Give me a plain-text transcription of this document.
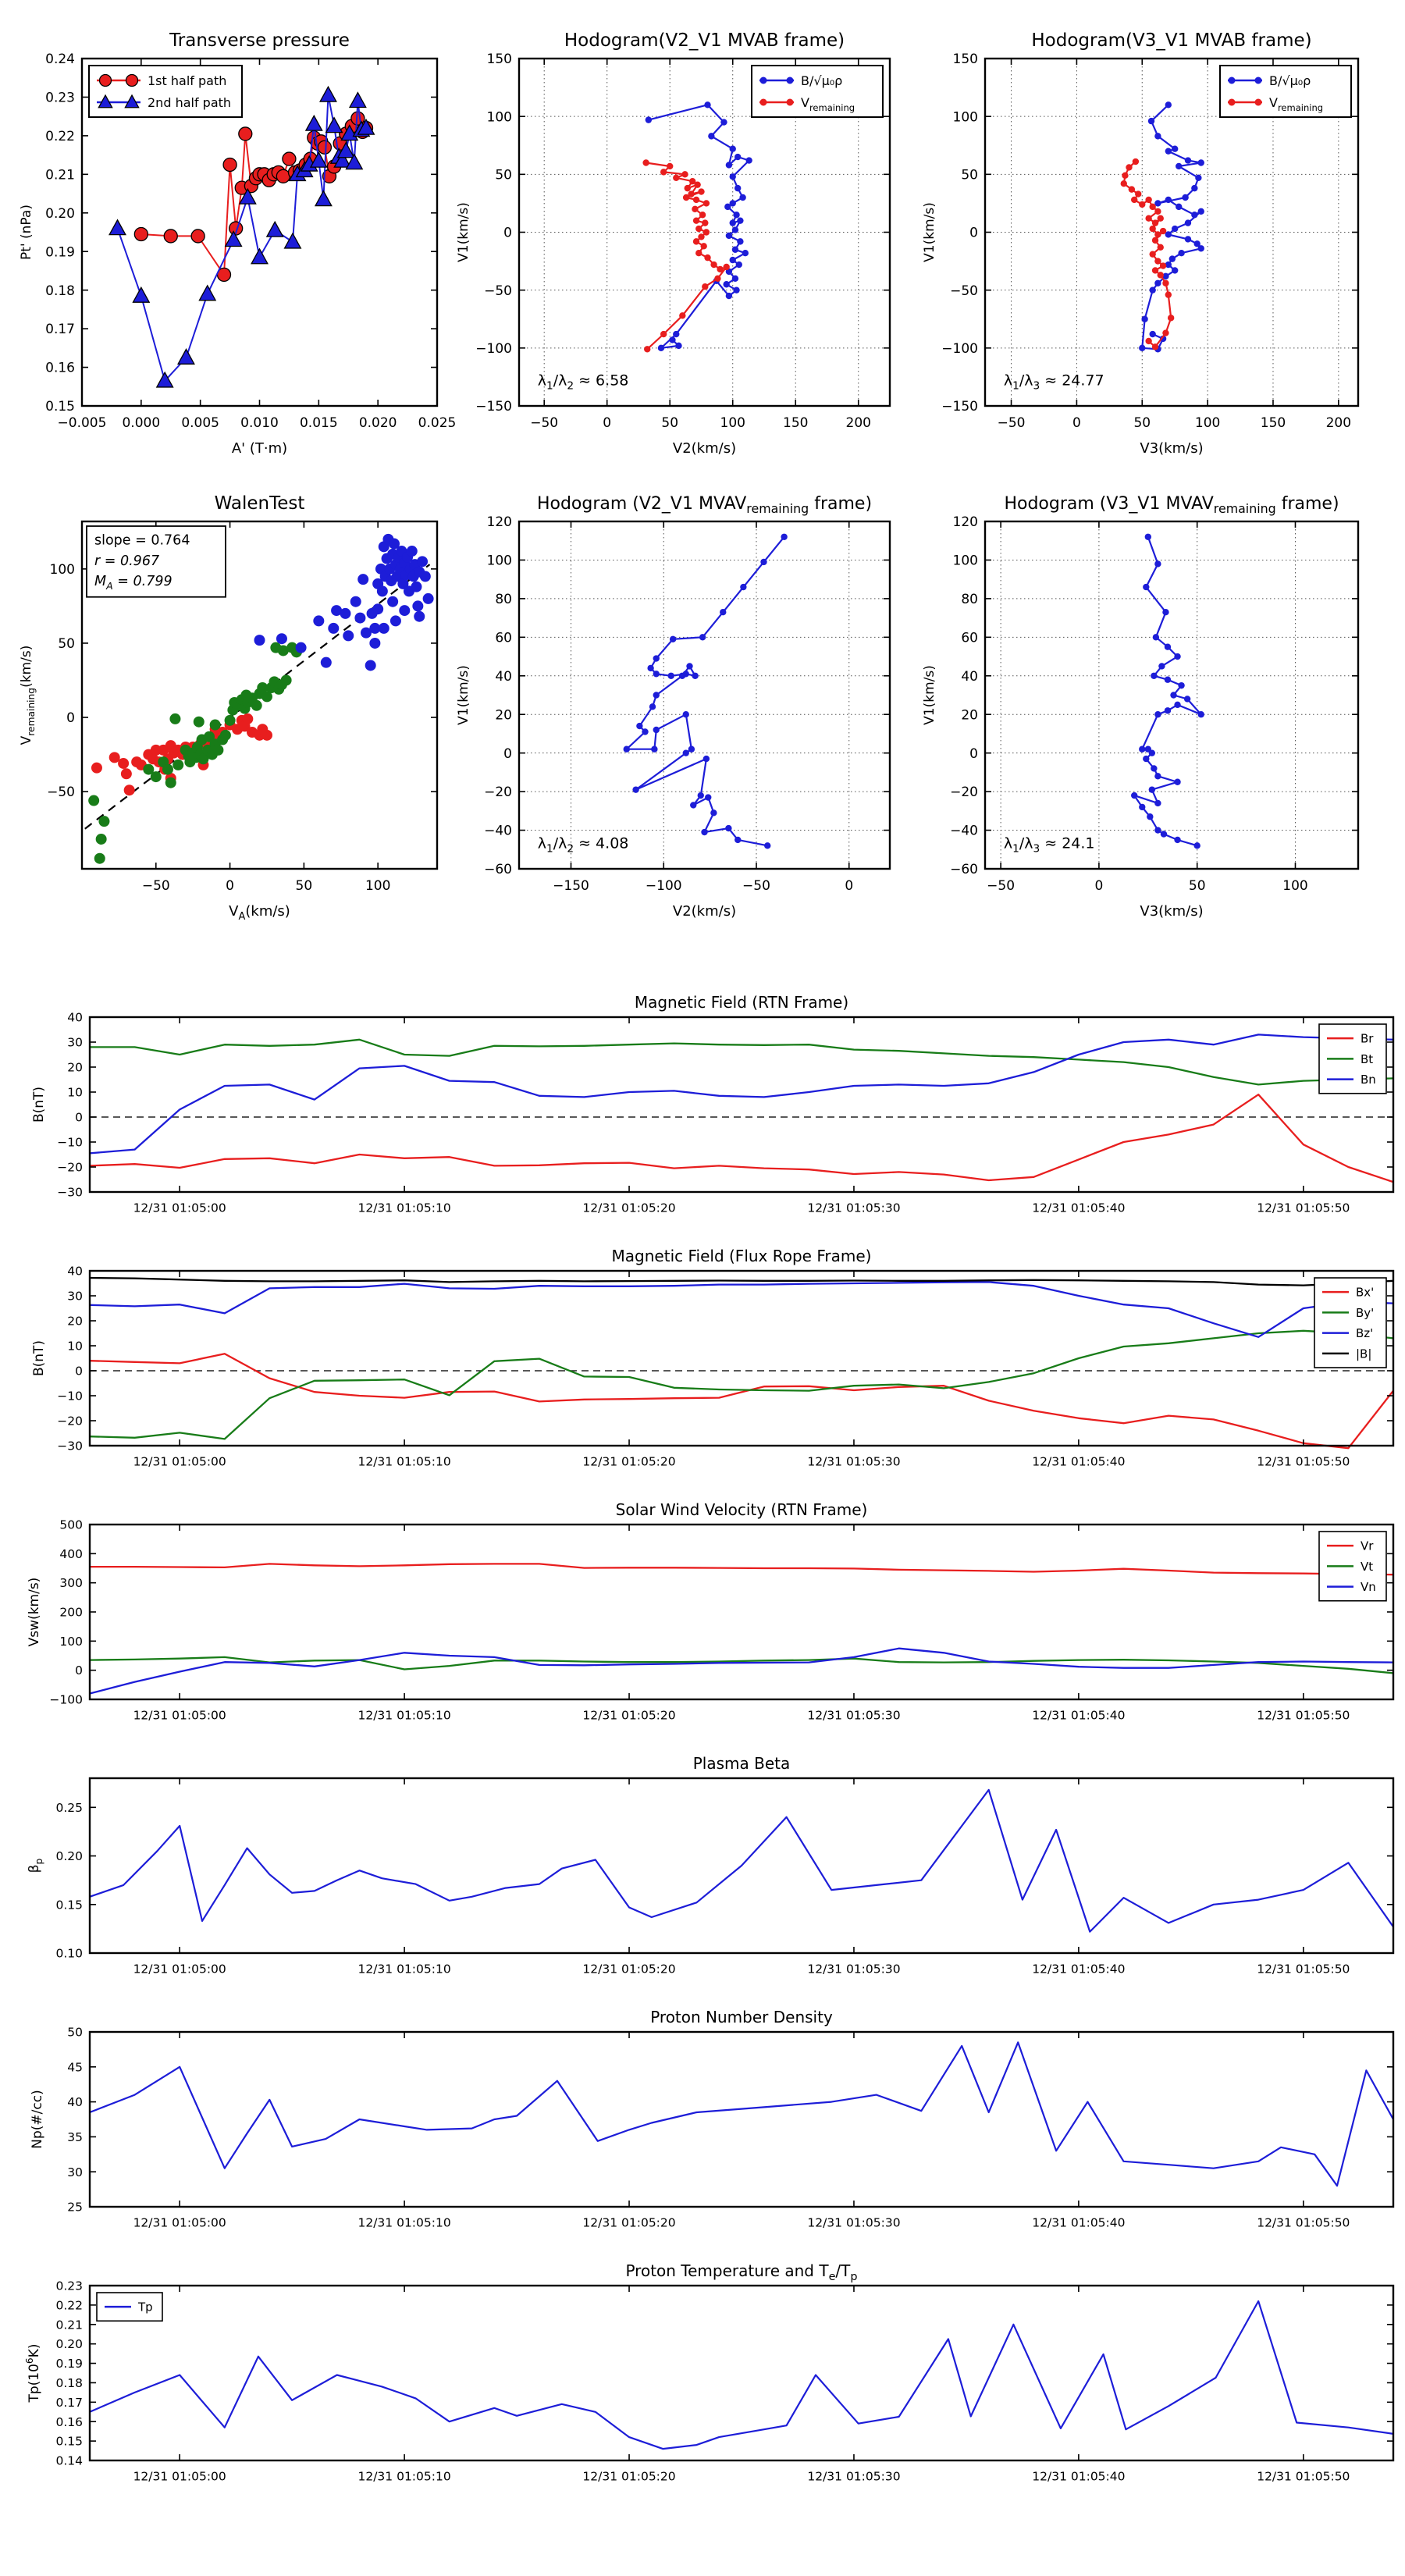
−0.005 0.000 0.005 0.010 0.015 0.020 0.025
0.15
0.16
0.17
0.18
0.19
0.20
0.21
0.22
0.23
0.24
Transverse pressure
A' (T·m)
Pt' (nPa)
1st half path
2nd half path
−50	0	50	100	150	200
−150
−100
−50
0
50
100
150
Hodogram(V2_V1 MVAB frame)
V2(km/s)
V1(km/s)
$\lambda_1/\lambda_2 \approx 6.58$
B/√μ₀ρ
$V_{remaining}$
−50	0	50	100	150	200
−150
−100
−50
0
50
100
150
Hodogram(V3_V1 MVAB frame)
V3(km/s)
V1(km/s)
$\lambda_1/\lambda_3 \approx 24.77$
B/√μ₀ρ
$V_{remaining}$
−50	0	50	100
−50
0
50
100
WalenTest
$V_A(km/s)$
$V_{remaining}(km/s)$
slope = 0.764
r = 0.967
$M_A = 0.799$
−150	−100	−50	0
−60
−40
−20
0
20
40
60
80
100
120
Hodogram (V2_V1 $MVAV_{remaining}$ frame)
V2(km/s)
V1(km/s)
$\lambda_1/\lambda_2 \approx 4.08$
−50	0	50	100
−60
−40
−20
0
20
40
60
80
100
120
Hodogram (V3_V1 $MVAV_{remaining}$ frame)
V3(km/s)
V1(km/s)
$\lambda_1/\lambda_3 \approx 24.1$
12/31 01:05:00	12/31 01:05:10	12/31 01:05:20	12/31 01:05:30	12/31 01:05:40	12/31 01:05:50
−30
−20
−10
0
10
20
30
40
Magnetic Field (RTN Frame)
B(nT)
Br
Bt
Bn
12/31 01:05:00	12/31 01:05:10	12/31 01:05:20	12/31 01:05:30	12/31 01:05:40	12/31 01:05:50
−30
−20
−10
0
10
20
30
40
Magnetic Field (Flux Rope Frame)
B(nT)
Bx'
By'
Bz'
|B|
12/31 01:05:00	12/31 01:05:10	12/31 01:05:20	12/31 01:05:30	12/31 01:05:40	12/31 01:05:50
−100
0
100
200
300
400
500
Solar Wind Velocity (RTN Frame)
Vsw(km/s)
Vr
Vt
Vn
12/31 01:05:00	12/31 01:05:10	12/31 01:05:20	12/31 01:05:30	12/31 01:05:40	12/31 01:05:50
0.10
0.15
0.20
0.25
Plasma Beta
$\beta_p$
12/31 01:05:00	12/31 01:05:10	12/31 01:05:20	12/31 01:05:30	12/31 01:05:40	12/31 01:05:50
25
30
35
40
45
50
Proton Number Density
Np(#/cc)
12/31 01:05:00	12/31 01:05:10	12/31 01:05:20	12/31 01:05:30	12/31 01:05:40	12/31 01:05:50
0.14
0.15
0.16
0.17
0.18
0.19
0.20
0.21
0.22
0.23
Proton Temperature and $T_e/T_p$
$Tp(10^6K)$
Tp
